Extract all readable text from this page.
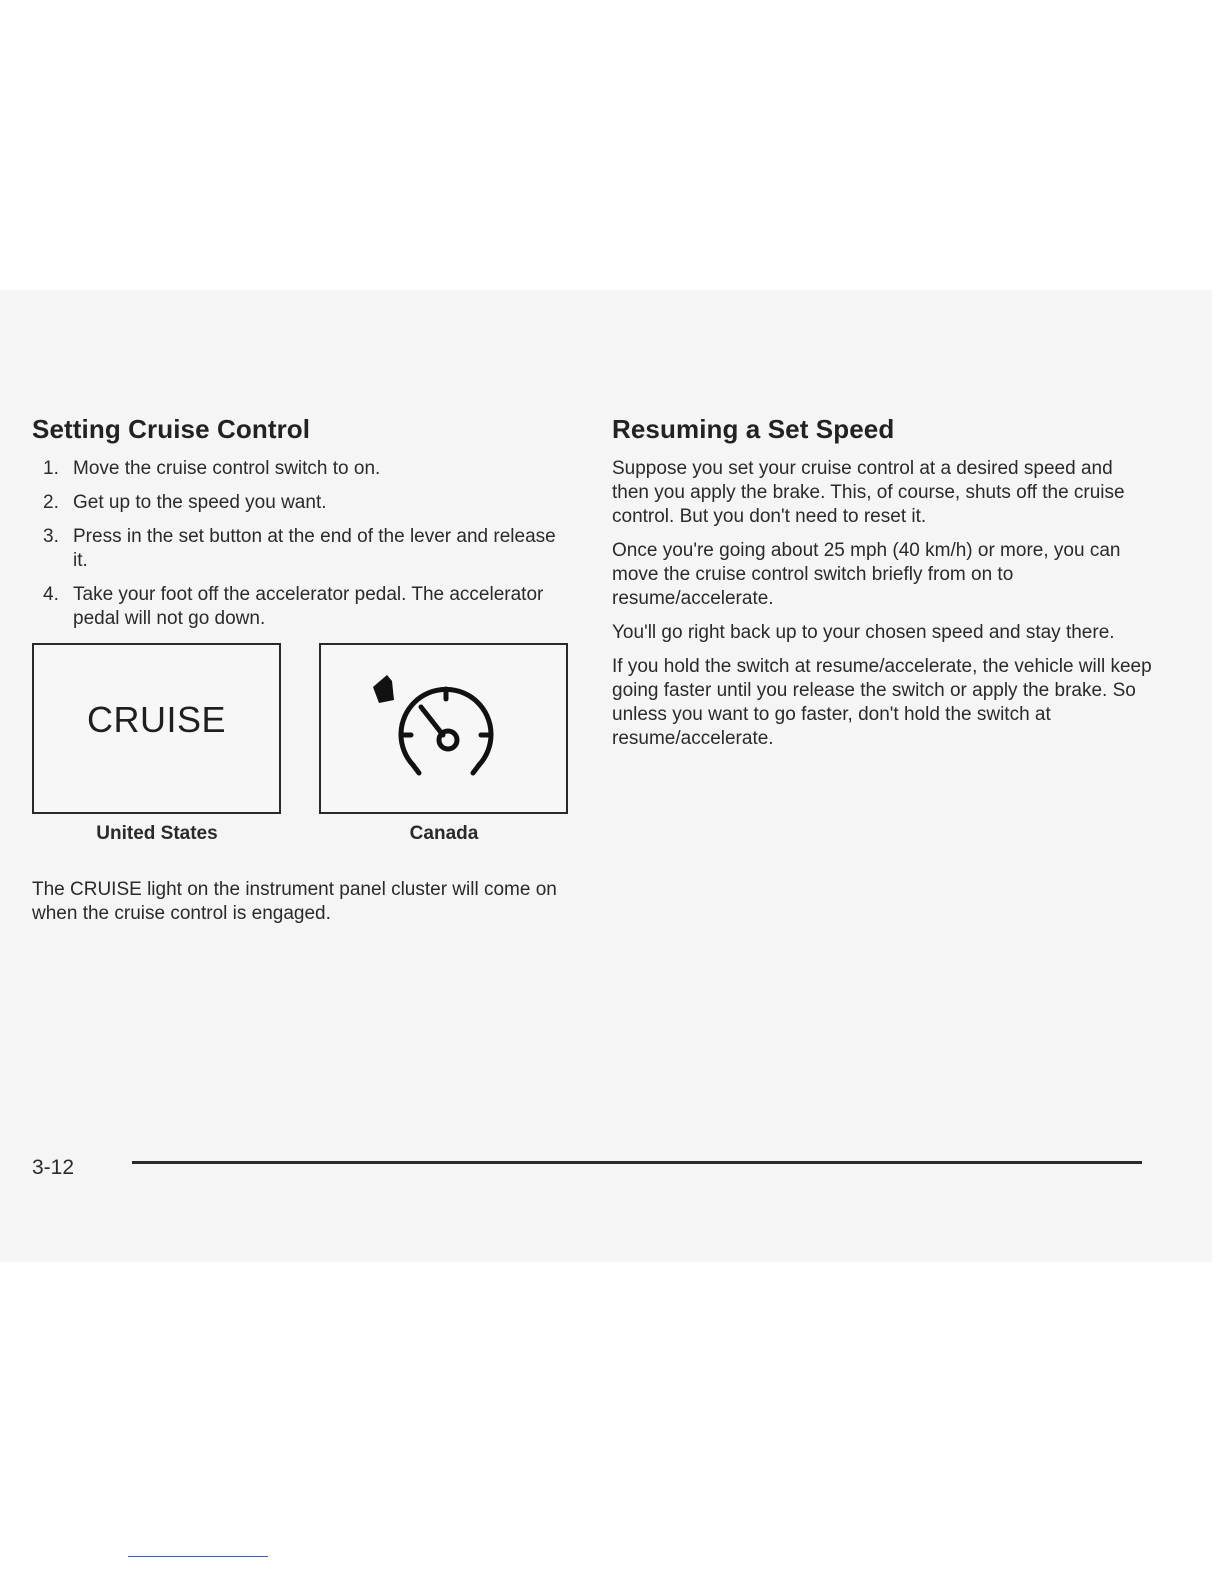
Setting Cruise Control
1. Move the cruise control switch to on.
2. Get up to the speed you want.
3. Press in the set button at the end of the lever and release it.
4. Take your foot off the accelerator pedal. The accelerator pedal will not go down.
CRUISE
United States	Canada

The CRUISE light on the instrument panel cluster will come on when the cruise control is engaged.

Resuming a Set Speed

Suppose you set your cruise control at a desired speed and then you apply the brake. This, of course, shuts off the cruise control. But you don't need to reset it.

Once you're going about 25 mph (40 km/h) or more, you can move the cruise control switch briefly from on to resume/accelerate.

You'll go right back up to your chosen speed and stay there.

If you hold the switch at resume/accelerate, the vehicle will keep going faster until you release the switch or apply the brake. So unless you want to go faster, don't hold the switch at resume/accelerate.

3-12
